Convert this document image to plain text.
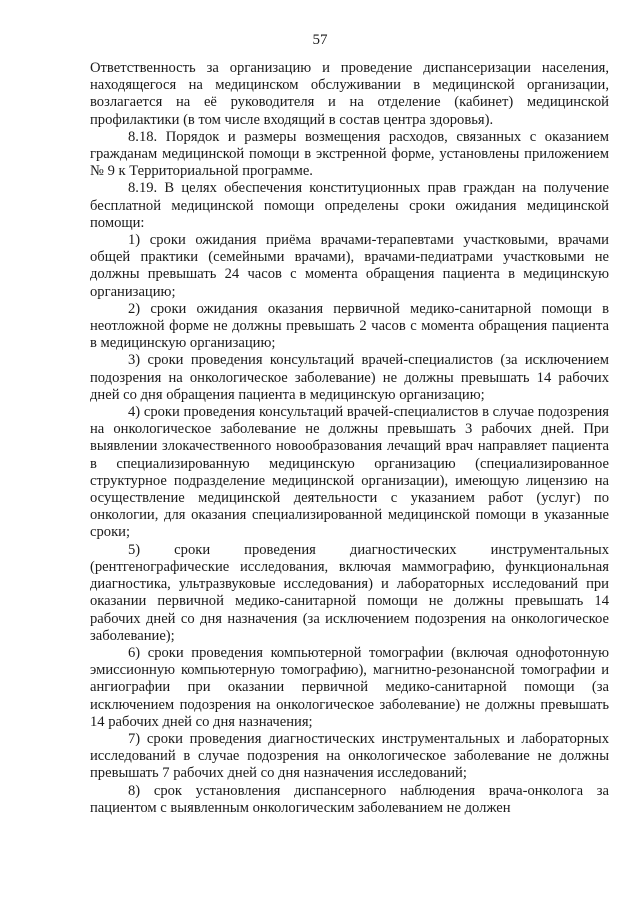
57

Ответственность за организацию и проведение диспансеризации населения, находящегося на медицинском обслуживании в медицинской организации, возлагается на её руководителя и на отделение (кабинет) медицинской профилактики (в том числе входящий в состав центра здоровья).

8.18. Порядок и размеры возмещения расходов, связанных с оказанием гражданам медицинской помощи в экстренной форме, установлены приложением № 9 к Территориальной программе.

8.19. В целях обеспечения конституционных прав граждан на получение бесплатной медицинской помощи определены сроки ожидания медицинской помощи:

1) сроки ожидания приёма врачами-терапевтами участковыми, врачами общей практики (семейными врачами), врачами-педиатрами участковыми не должны превышать 24 часов с момента обращения пациента в медицинскую организацию;

2) сроки ожидания оказания первичной медико-санитарной помощи в неотложной форме не должны превышать 2 часов с момента обращения пациента в медицинскую организацию;

3) сроки проведения консультаций врачей-специалистов (за исключением подозрения на онкологическое заболевание) не должны превышать 14 рабочих дней со дня обращения пациента в медицинскую организацию;

4) сроки проведения консультаций врачей-специалистов в случае подозрения на онкологическое заболевание не должны превышать 3 рабочих дней. При выявлении злокачественного новообразования лечащий врач направляет пациента в специализированную медицинскую организацию (специализированное структурное подразделение медицинской организации), имеющую лицензию на осуществление медицинской деятельности с указанием работ (услуг) по онкологии, для оказания специализированной медицинской помощи в указанные сроки;

5) сроки проведения диагностических инструментальных (рентгенографические исследования, включая маммографию, функциональная диагностика, ультразвуковые исследования) и лабораторных исследований при оказании первичной медико-санитарной помощи не должны превышать 14 рабочих дней со дня назначения (за исключением подозрения на онкологическое заболевание);

6) сроки проведения компьютерной томографии (включая однофотонную эмиссионную компьютерную томографию), магнитно-резонансной томографии и ангиографии при оказании первичной медико-санитарной помощи (за исключением подозрения на онкологическое заболевание) не должны превышать 14 рабочих дней со дня назначения;

7) сроки проведения диагностических инструментальных и лабораторных исследований в случае подозрения на онкологическое заболевание не должны превышать 7 рабочих дней со дня назначения исследований;

8) срок установления диспансерного наблюдения врача-онколога за пациентом с выявленным онкологическим заболеванием не должен
